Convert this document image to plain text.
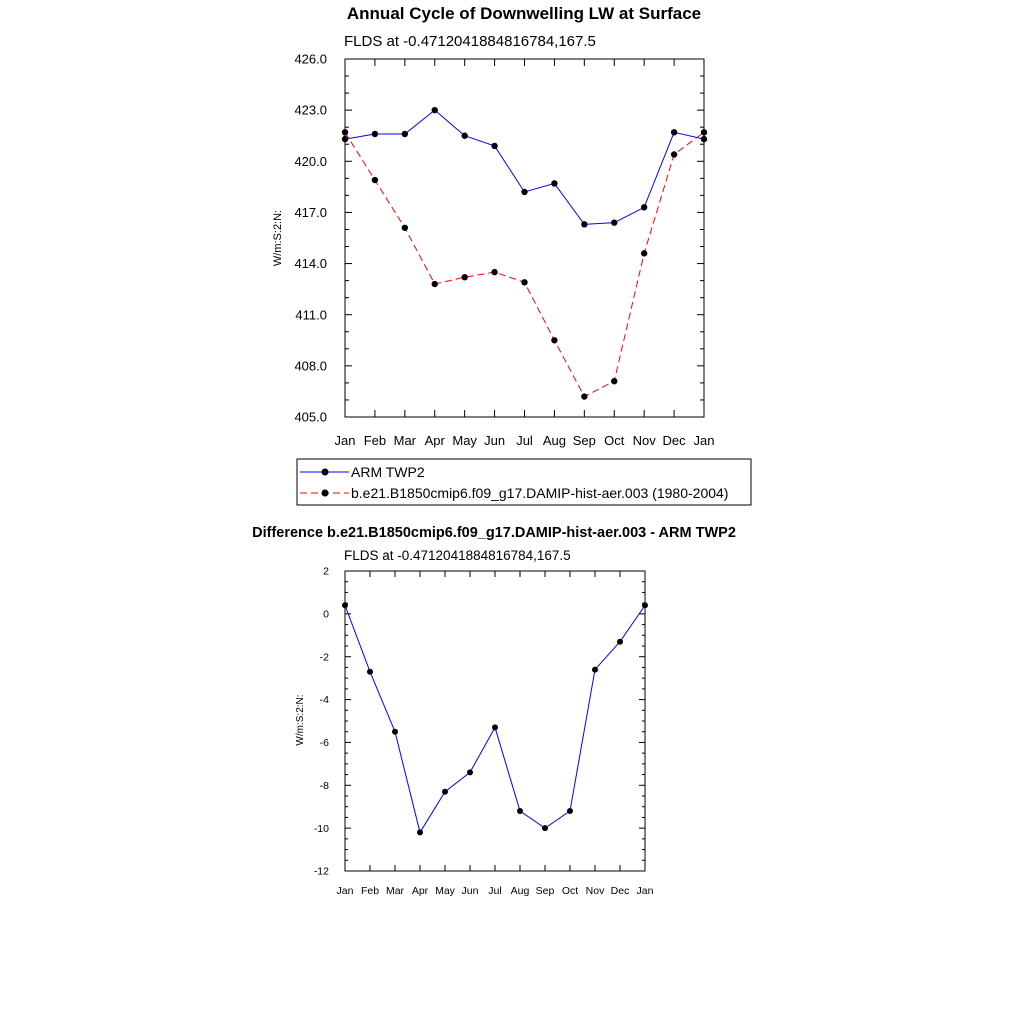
Annual Cycle of Downwelling LW at Surface
FLDS at -0.4712041884816784,167.5
W/m:S:2:N:
Jan Feb Mar Apr May Jun Jul Aug Sep Oct Nov Dec Jan
405.0
408.0
411.0
414.0
417.0
420.0
423.0
426.0
ARM TWP2
b.e21.B1850cmip6.f09_g17.DAMIP-hist-aer.003 (1980-2004)
Difference b.e21.B1850cmip6.f09_g17.DAMIP-hist-aer.003 - ARM TWP2
FLDS at -0.4712041884816784,167.5
W/m:S:2:N:
Jan Feb Mar Apr May Jun Jul Aug Sep Oct Nov Dec Jan
-12
-10
-8
-6
-4
-2
0
2
